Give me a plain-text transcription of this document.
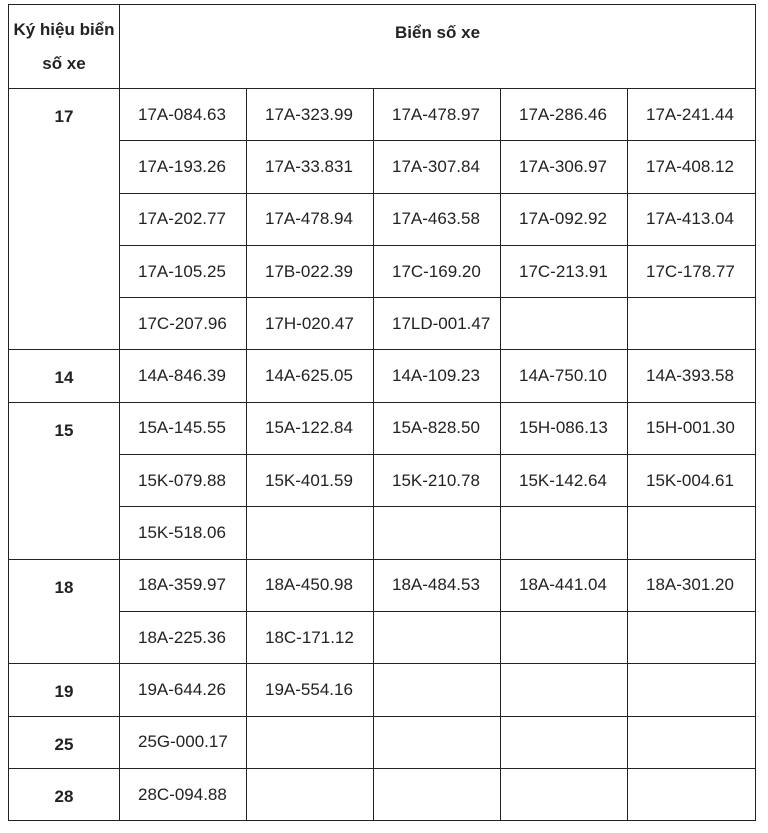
Ký hiệu biển số xe	Biển số xe				
17	17A-084.63	17A-323.99	17A-478.97	17A-286.46	17A-241.44
	17A-193.26	17A-33.831	17A-307.84	17A-306.97	17A-408.12
	17A-202.77	17A-478.94	17A-463.58	17A-092.92	17A-413.04
	17A-105.25	17B-022.39	17C-169.20	17C-213.91	17C-178.77
	17C-207.96	17H-020.47	17LD-001.47		
14	14A-846.39	14A-625.05	14A-109.23	14A-750.10	14A-393.58
15	15A-145.55	15A-122.84	15A-828.50	15H-086.13	15H-001.30
	15K-079.88	15K-401.59	15K-210.78	15K-142.64	15K-004.61
	15K-518.06				
18	18A-359.97	18A-450.98	18A-484.53	18A-441.04	18A-301.20
	18A-225.36	18C-171.12			
19	19A-644.26	19A-554.16			
25	25G-000.17				
28	28C-094.88				
